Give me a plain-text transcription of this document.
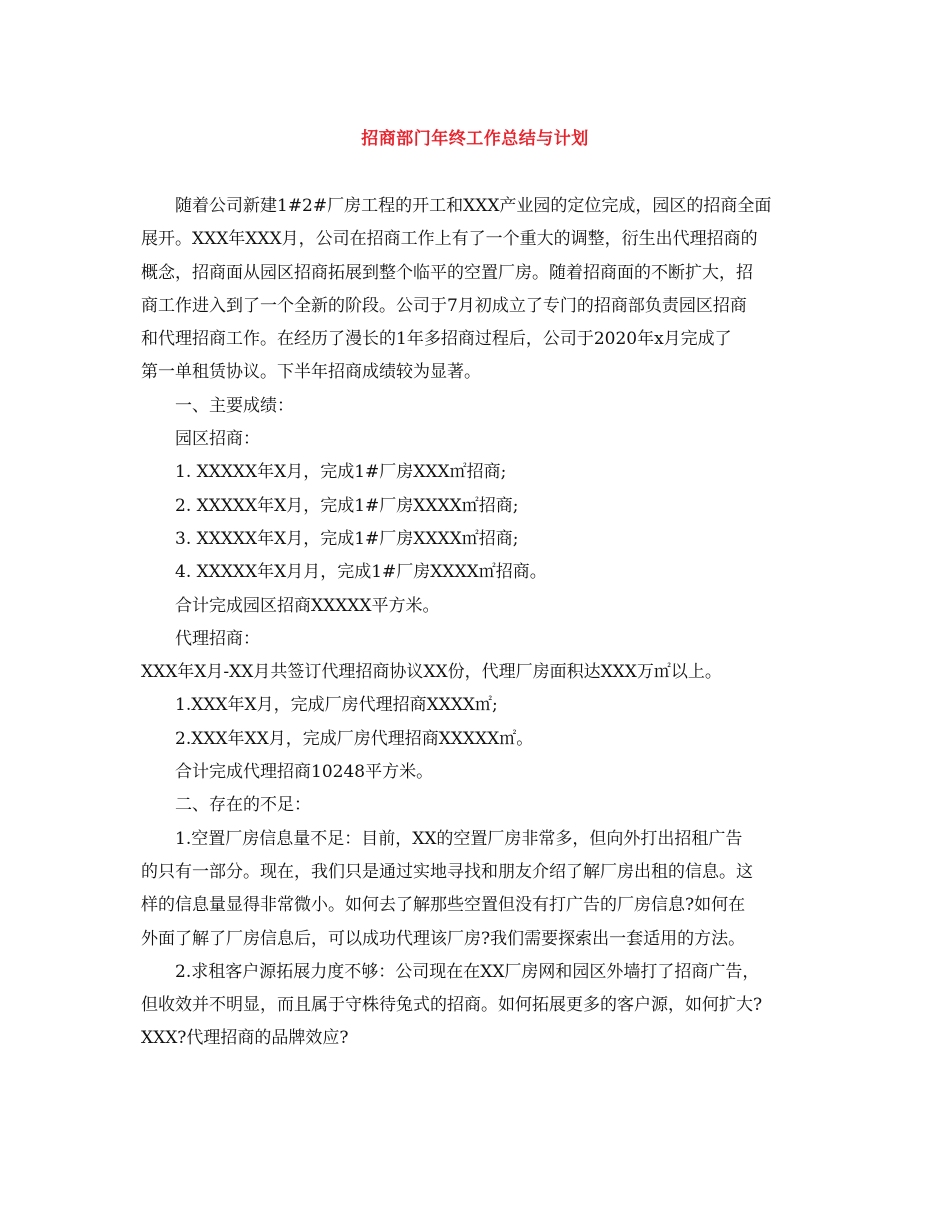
招商部门年终工作总结与计划
随着公司新建1#2#厂房工程的开工和XXX产业园的定位完成，园区的招商全面
展开。XXX年XXX月，公司在招商工作上有了一个重大的调整，衍生出代理招商的
概念，招商面从园区招商拓展到整个临平的空置厂房。随着招商面的不断扩大，招
商工作进入到了一个全新的阶段。公司于7月初成立了专门的招商部负责园区招商
和代理招商工作。在经历了漫长的1年多招商过程后，公司于2020年x月完成了
第一单租赁协议。下半年招商成绩较为显著。
一、主要成绩：
园区招商：
1. XXXXX年X月，完成1#厂房XXX㎡招商;
2. XXXXX年X月，完成1#厂房XXXX㎡招商;
3. XXXXX年X月，完成1#厂房XXXX㎡招商;
4. XXXXX年X月月，完成1#厂房XXXX㎡招商。
合计完成园区招商XXXXX平方米。
代理招商：
XXX年X月-XX月共签订代理招商协议XX份，代理厂房面积达XXX万㎡以上。
1.XXX年X月，完成厂房代理招商XXXX㎡;
2.XXX年XX月，完成厂房代理招商XXXXX㎡。
合计完成代理招商10248平方米。
二、存在的不足：
1.空置厂房信息量不足：目前，XX的空置厂房非常多，但向外打出招租广告
的只有一部分。现在，我们只是通过实地寻找和朋友介绍了解厂房出租的信息。这
样的信息量显得非常微小。如何去了解那些空置但没有打广告的厂房信息?如何在
外面了解了厂房信息后，可以成功代理该厂房?我们需要探索出一套适用的方法。
2.求租客户源拓展力度不够：公司现在在XX厂房网和园区外墙打了招商广告，
但收效并不明显，而且属于守株待兔式的招商。如何拓展更多的客户源，如何扩大?
XXX?代理招商的品牌效应?
